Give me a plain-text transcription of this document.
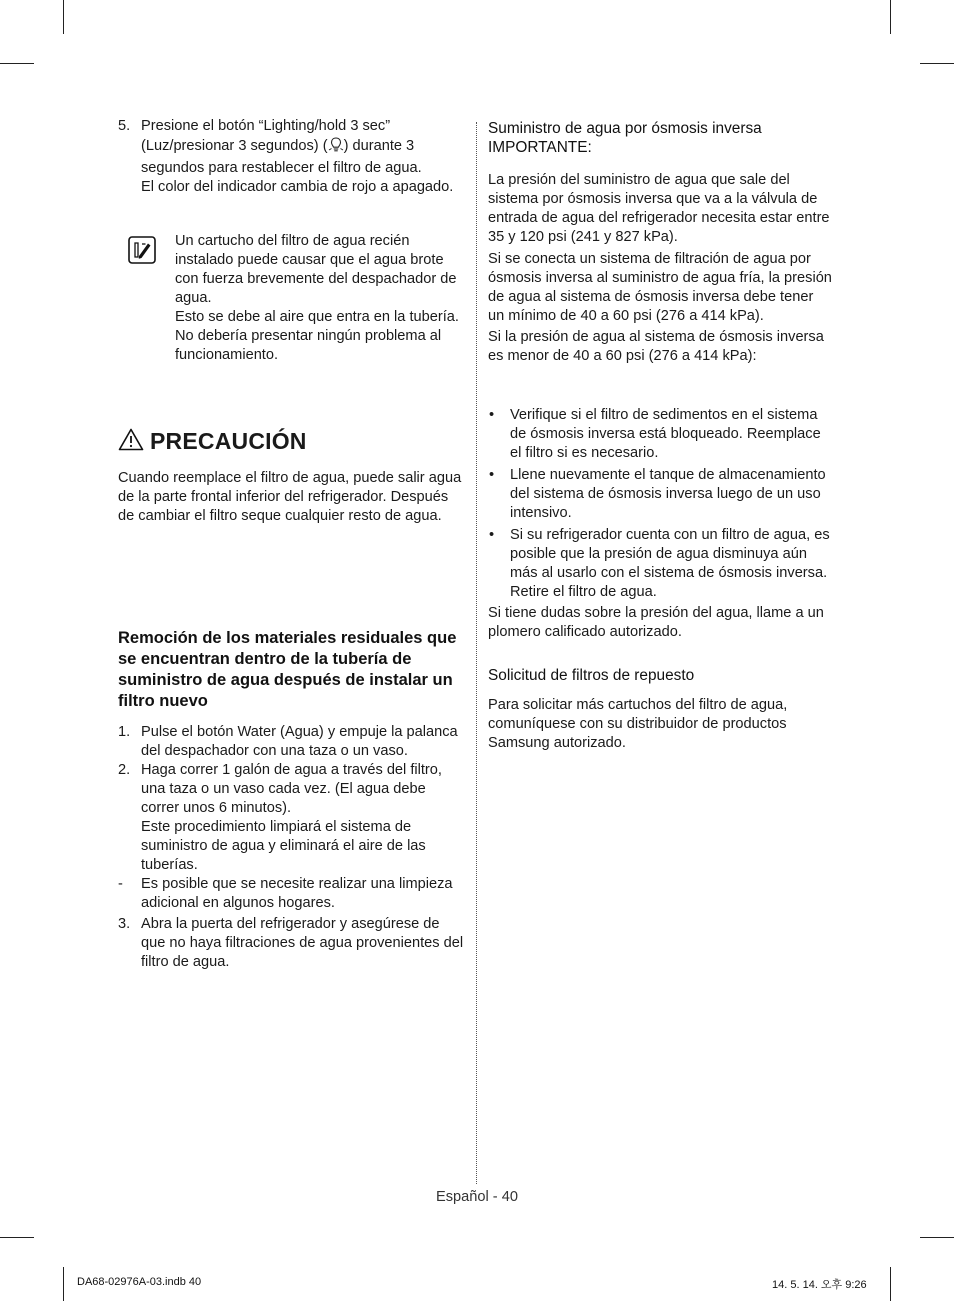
5. Presione el botón “Lighting/hold 3 sec” (Luz/presionar 3 segundos) ( ) durante 3 segundos para restablecer el filtro de agua.

El color del indicador cambia de rojo a apagado.

Un cartucho del filtro de agua recién instalado puede causar que el agua brote con fuerza brevemente del despachador de agua.

Esto se debe al aire que entra en la tubería.

No debería presentar ningún problema al funcionamiento.

PRECAUCIÓN

Cuando reemplace el filtro de agua, puede salir agua de la parte frontal inferior del refrigerador. Después de cambiar el filtro seque cualquier resto de agua.

Remoción de los materiales residuales que se encuentran dentro de la tubería de suministro de agua después de instalar un filtro nuevo
1. Pulse el botón Water (Agua) y empuje la palanca del despachador con una taza o un vaso.

2. Haga correr 1 galón de agua a través del filtro, una taza o un vaso cada vez. (El agua debe correr unos 6 minutos).

Este procedimiento limpiará el sistema de suministro de agua y eliminará el aire de las tuberías.

- Es posible que se necesite realizar una limpieza adicional en algunos hogares.

3. Abra la puerta del refrigerador y asegúrese de que no haya filtraciones de agua provenientes del filtro de agua.

Suministro de agua por ósmosis inversa

IMPORTANTE:

La presión del suministro de agua que sale del sistema por ósmosis inversa que va a la válvula de entrada de agua del refrigerador necesita estar entre 35 y 120 psi (241 y 827 kPa).

Si se conecta un sistema de filtración de agua por ósmosis inversa al suministro de agua fría, la presión de agua al sistema de ósmosis inversa debe tener un mínimo de 40 a 60 psi (276 a 414 kPa).

Si la presión de agua al sistema de ósmosis inversa es menor de 40 a 60 psi (276 a 414 kPa):

• Verifique si el filtro de sedimentos en el sistema de ósmosis inversa está bloqueado. Reemplace el filtro si es necesario.

• Llene nuevamente el tanque de almacenamiento del sistema de ósmosis inversa luego de un uso intensivo.

• Si su refrigerador cuenta con un filtro de agua, es posible que la presión de agua disminuya aún más al usarlo con el sistema de ósmosis inversa. Retire el filtro de agua.

Si tiene dudas sobre la presión del agua, llame a un plomero calificado autorizado.

Solicitud de filtros de repuesto

Para solicitar más cartuchos del filtro de agua, comuníquese con su distribuidor de productos Samsung autorizado.

Español - 40
DA68-02976A-03.indb 40	14. 5. 14. 오후 9:26
